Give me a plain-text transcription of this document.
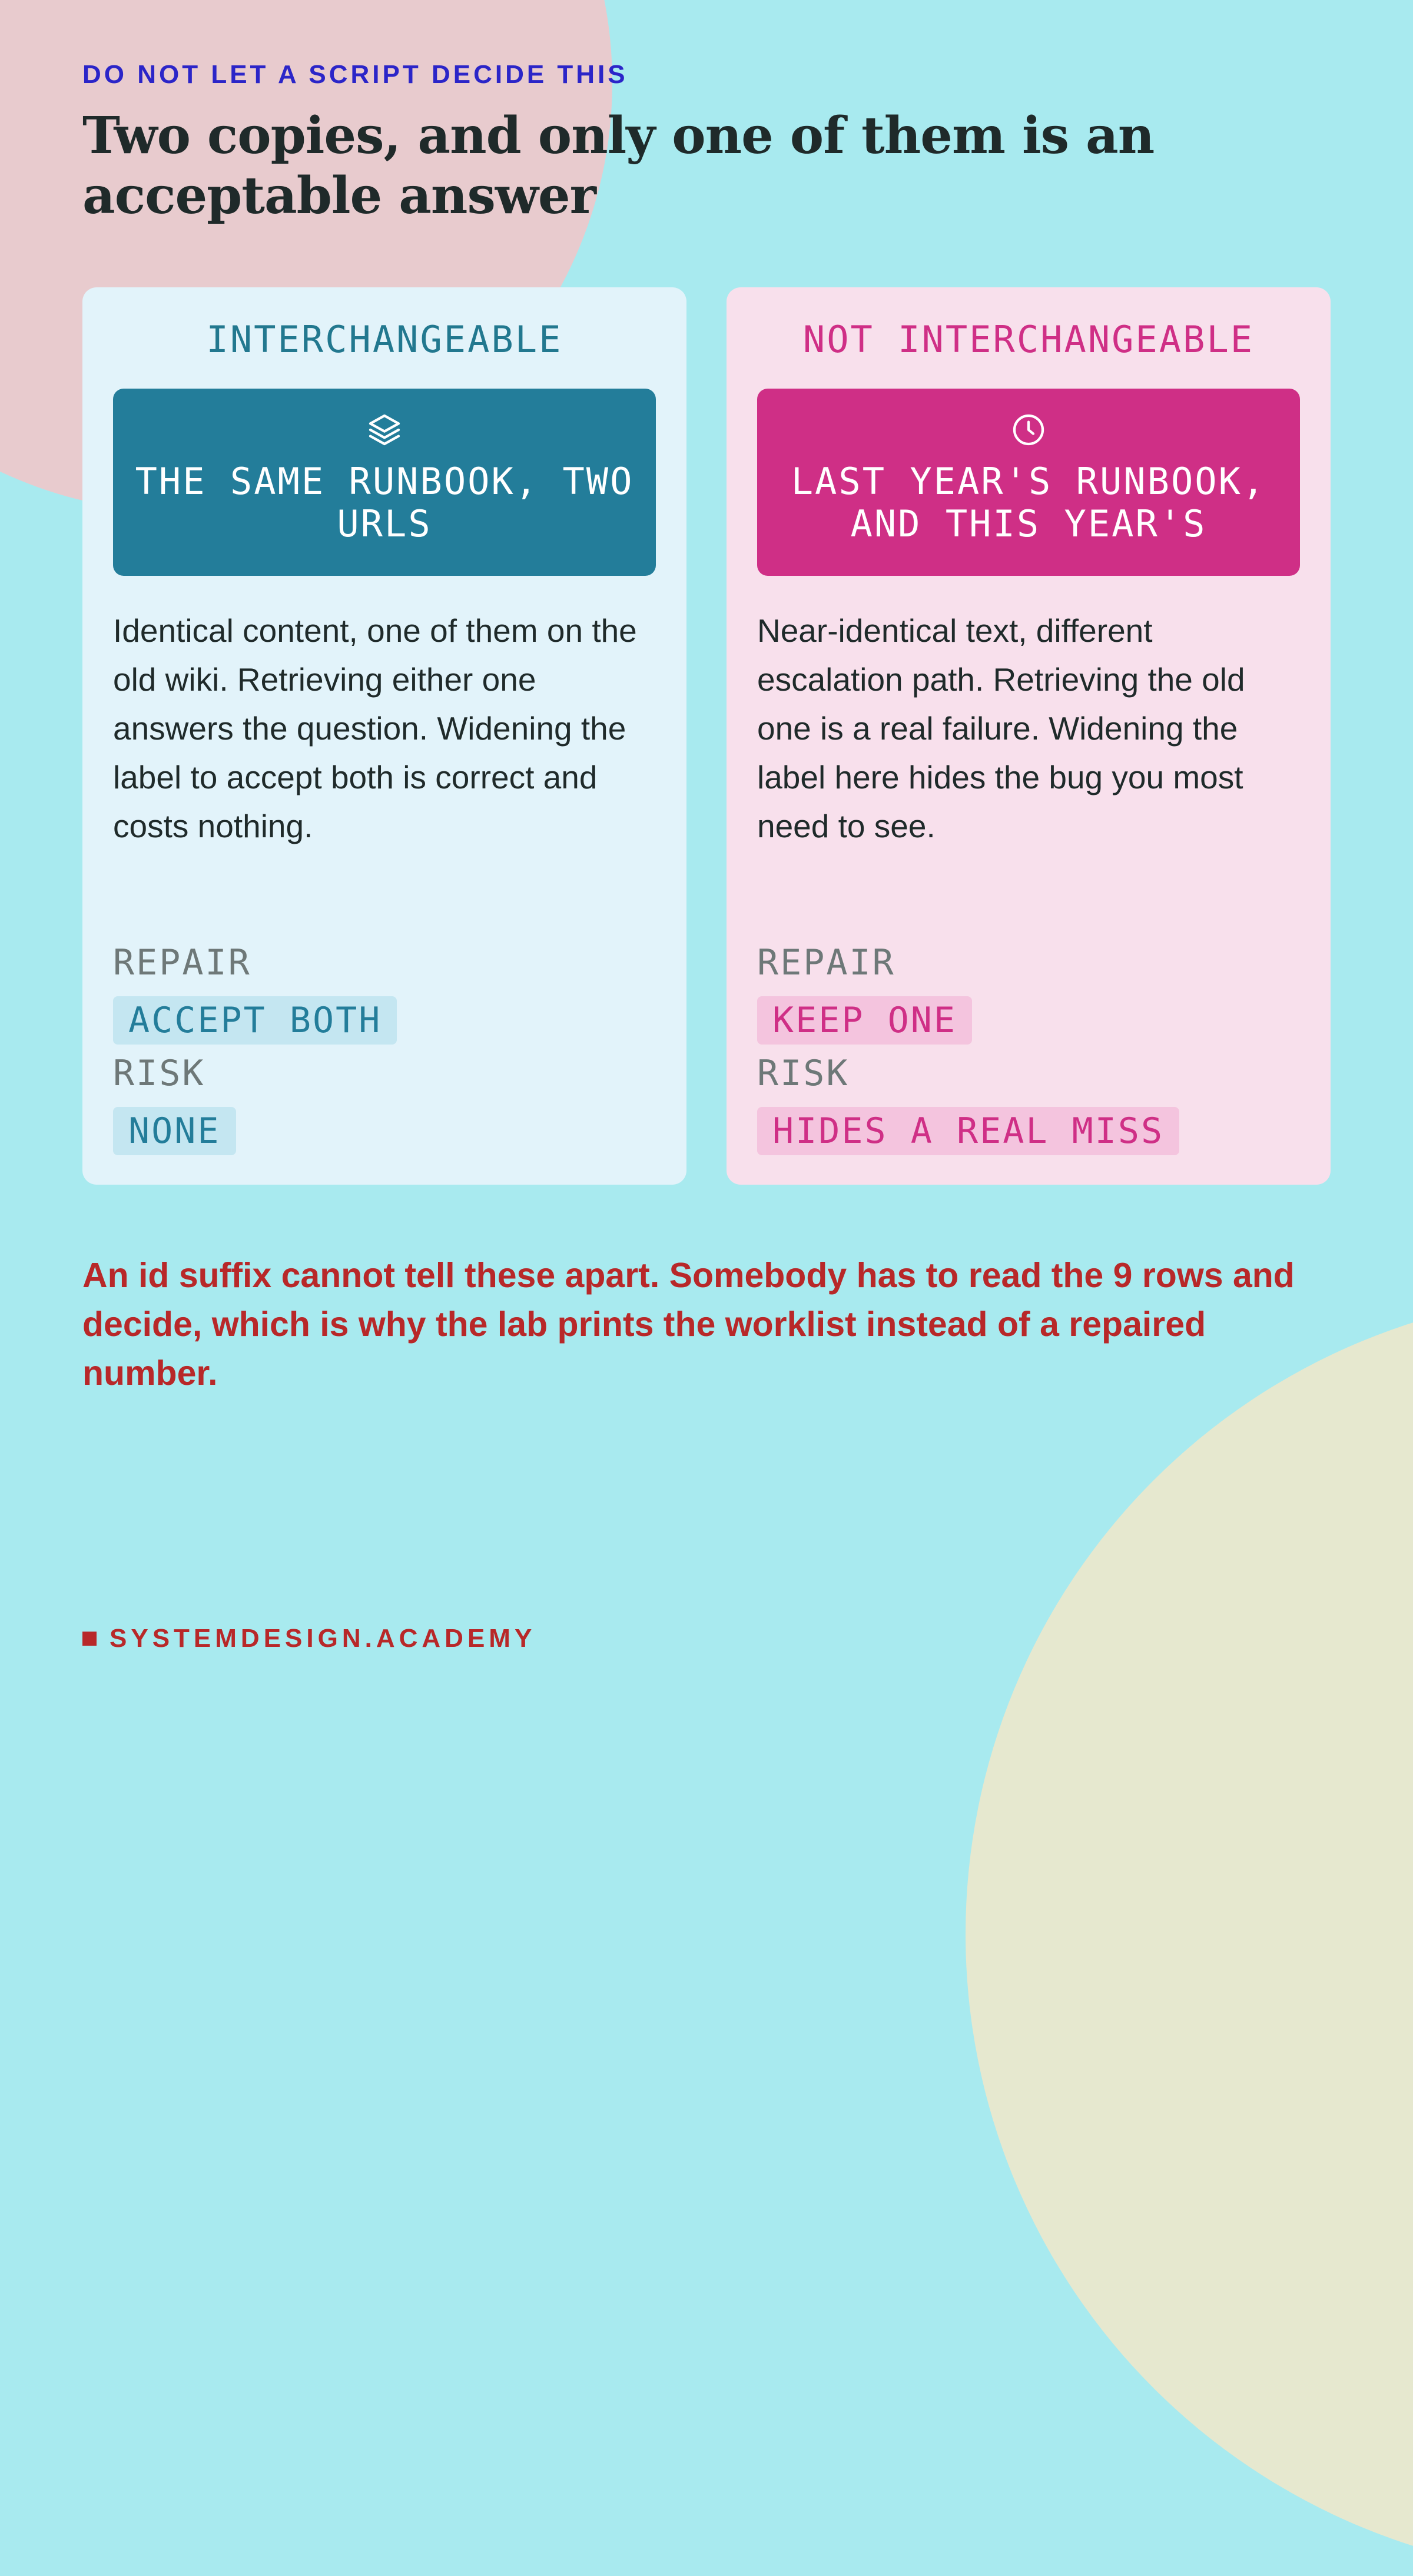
DO NOT LET A SCRIPT DECIDE THIS
Two copies, and only one of them is an acceptable answer
INTERCHANGEABLE
THE SAME RUNBOOK, TWO URLS

Identical content, one of them on the old wiki. Retrieving either one answers the question. Widening the label to accept both is correct and costs nothing.

REPAIR
ACCEPT BOTH
RISK
NONE
NOT INTERCHANGEABLE
LAST YEAR'S RUNBOOK, AND THIS YEAR'S

Near-identical text, different escalation path. Retrieving the old one is a real failure. Widening the label here hides the bug you most need to see.

REPAIR
KEEP ONE
RISK
HIDES A REAL MISS

An id suffix cannot tell these apart. Somebody has to read the 9 rows and decide, which is why the lab prints the worklist instead of a repaired number.

SYSTEMDESIGN.ACADEMY
